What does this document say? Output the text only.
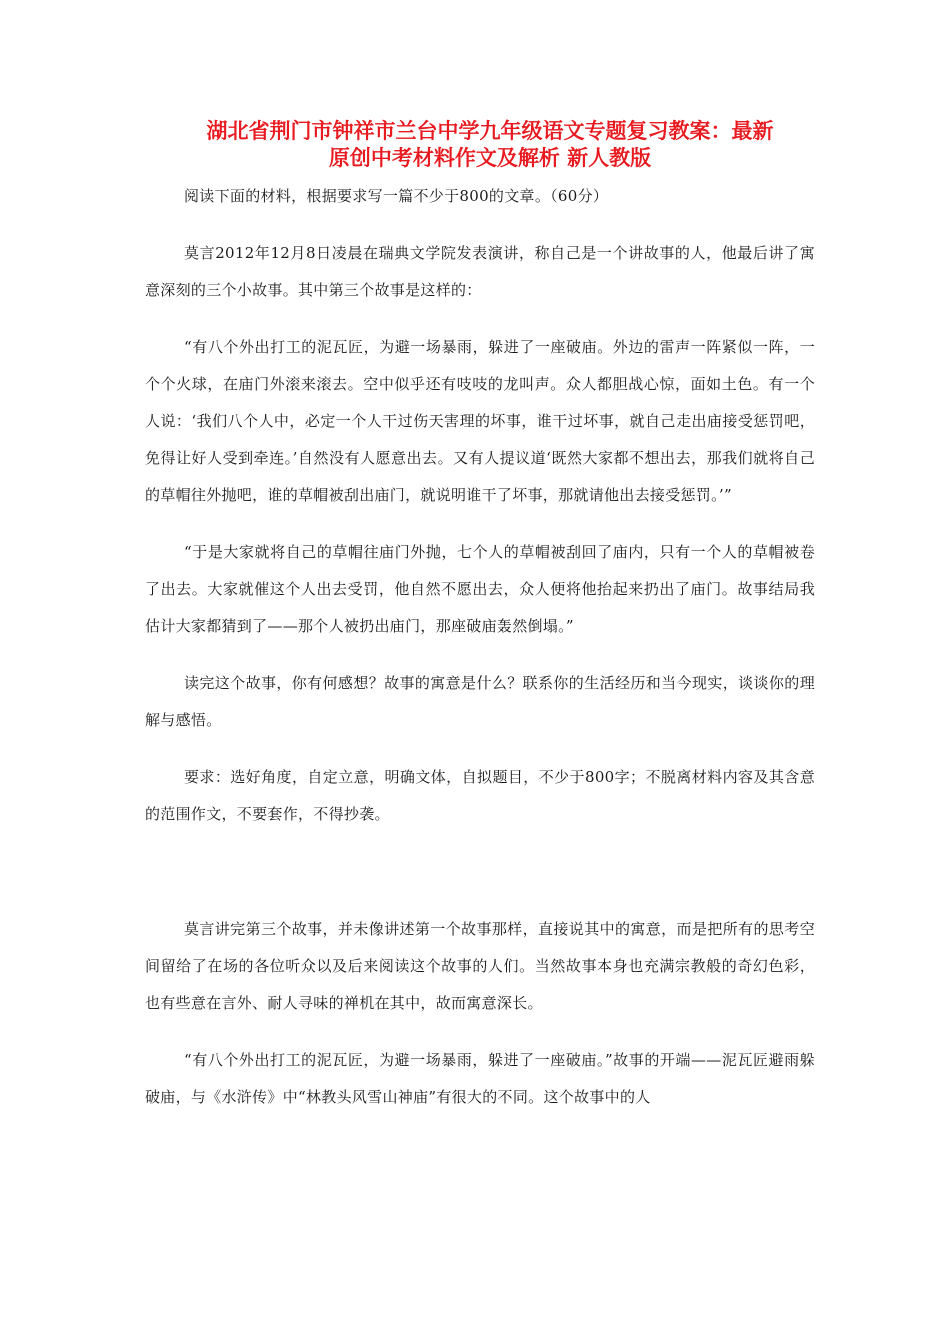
湖北省荆门市钟祥市兰台中学九年级语文专题复习教案：最新
原创中考材料作文及解析 新人教版

阅读下面的材料，根据要求写一篇不少于800的文章。（60分）

莫言2012年12月8日凌晨在瑞典文学院发表演讲，称自己是一个讲故事的人，他最后讲了寓意深刻的三个小故事。其中第三个故事是这样的：

“有八个外出打工的泥瓦匠，为避一场暴雨，躲进了一座破庙。外边的雷声一阵紧似一阵，一个个火球，在庙门外滚来滚去。空中似乎还有吱吱的龙叫声。众人都胆战心惊，面如土色。有一个人说：‘我们八个人中，必定一个人干过伤天害理的坏事，谁干过坏事，就自己走出庙接受惩罚吧，免得让好人受到牵连。’自然没有人愿意出去。又有人提议道‘既然大家都不想出去，那我们就将自己的草帽往外抛吧，谁的草帽被刮出庙门，就说明谁干了坏事，那就请他出去接受惩罚。’”

“于是大家就将自己的草帽往庙门外抛，七个人的草帽被刮回了庙内，只有一个人的草帽被卷了出去。大家就催这个人出去受罚，他自然不愿出去，众人便将他抬起来扔出了庙门。故事结局我估计大家都猜到了——那个人被扔出庙门，那座破庙轰然倒塌。”

读完这个故事，你有何感想？故事的寓意是什么？联系你的生活经历和当今现实，谈谈你的理解与感悟。

要求：选好角度，自定立意，明确文体，自拟题目，不少于800字；不脱离材料内容及其含意的范围作文，不要套作，不得抄袭。

莫言讲完第三个故事，并未像讲述第一个故事那样，直接说其中的寓意，而是把所有的思考空间留给了在场的各位听众以及后来阅读这个故事的人们。当然故事本身也充满宗教般的奇幻色彩，也有些意在言外、耐人寻味的禅机在其中，故而寓意深长。

“有八个外出打工的泥瓦匠，为避一场暴雨，躲进了一座破庙。”故事的开端——泥瓦匠避雨躲破庙，与《水浒传》中“林教头风雪山神庙”有很大的不同。这个故事中的人
